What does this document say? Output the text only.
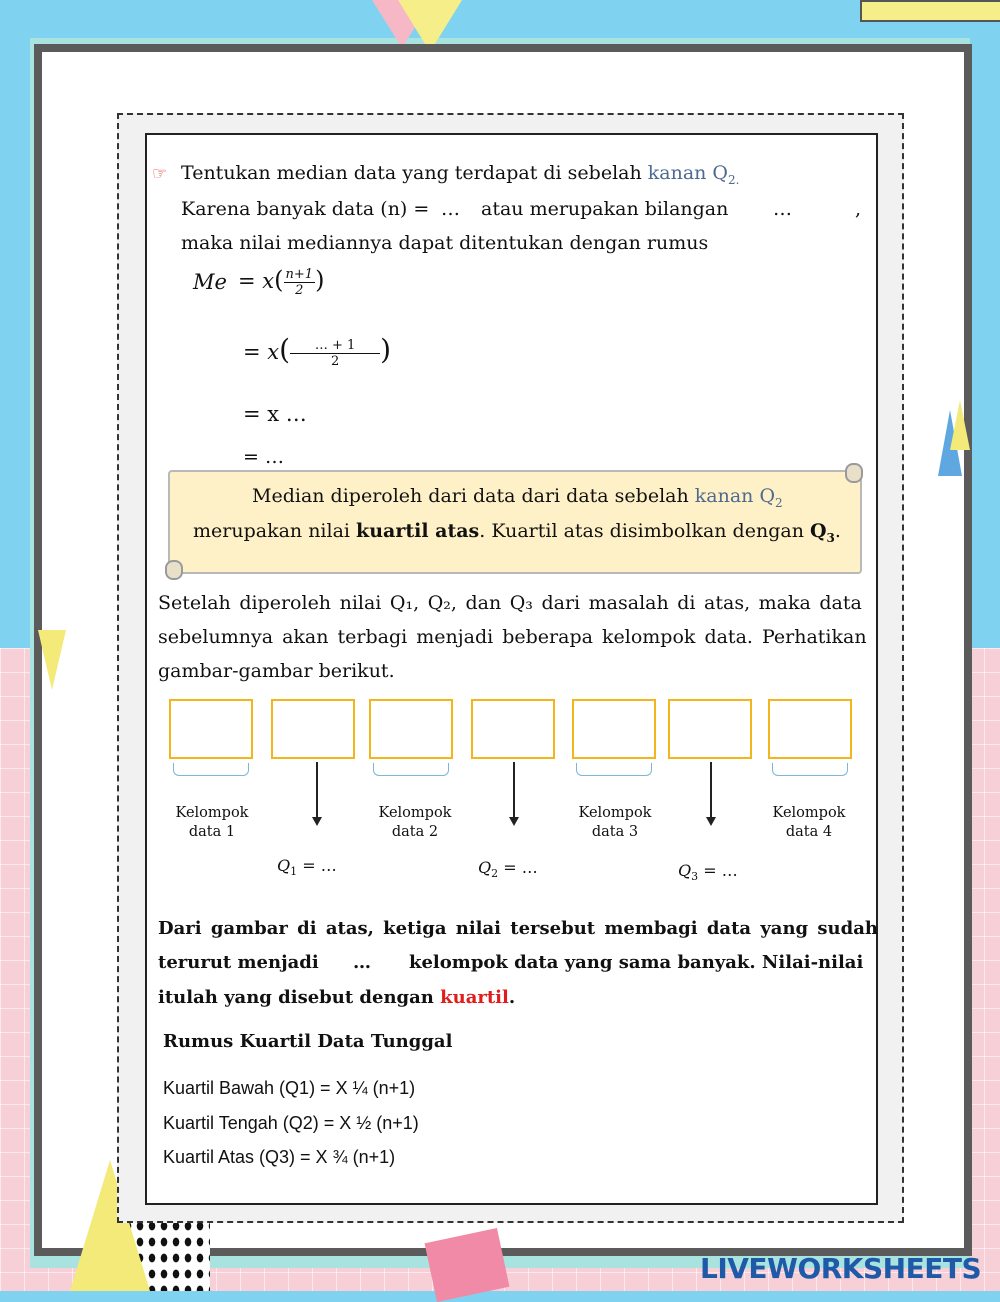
☞ Tentukan median data yang terdapat di sebelah kanan $Q_{2.}$
Karena banyak data (n) = … atau merupakan bilangan …	,
maka nilai mediannya dapat ditentukan dengan rumus
$Me = x( \frac{n+1}{2}$ )
= $x( \frac{\dots + 1}{2}$ )
= x …
= …
Median diperoleh dari data dari data sebelah kanan $Q_2$
merupakan nilai kuartil atas. Kuartil atas disimbolkan dengan $Q_3$.
Setelah diperoleh nilai Q₁, Q₂, dan Q₃ dari masalah di atas, maka data
sebelumnya akan terbagi menjadi beberapa kelompok data. Perhatikan
gambar-gambar berikut.
Kelompok
data 1
Kelompok
data 2
Kelompok
data 3
Kelompok
data 4
$Q_1$ = …	$Q_2$ = …	$Q_3$ = …
Dari gambar di atas, ketiga nilai tersebut membagi data yang sudah
terurut menjadi … kelompok data yang sama banyak. Nilai-nilai
itulah yang disebut dengan kuartil.
Rumus Kuartil Data Tunggal
Kuartil Bawah (Q1) = X ¼ (n+1)
Kuartil Tengah (Q2) = X ½ (n+1)
Kuartil Atas (Q3) = X ¾ (n+1)
LIVEWORKSHEETS
